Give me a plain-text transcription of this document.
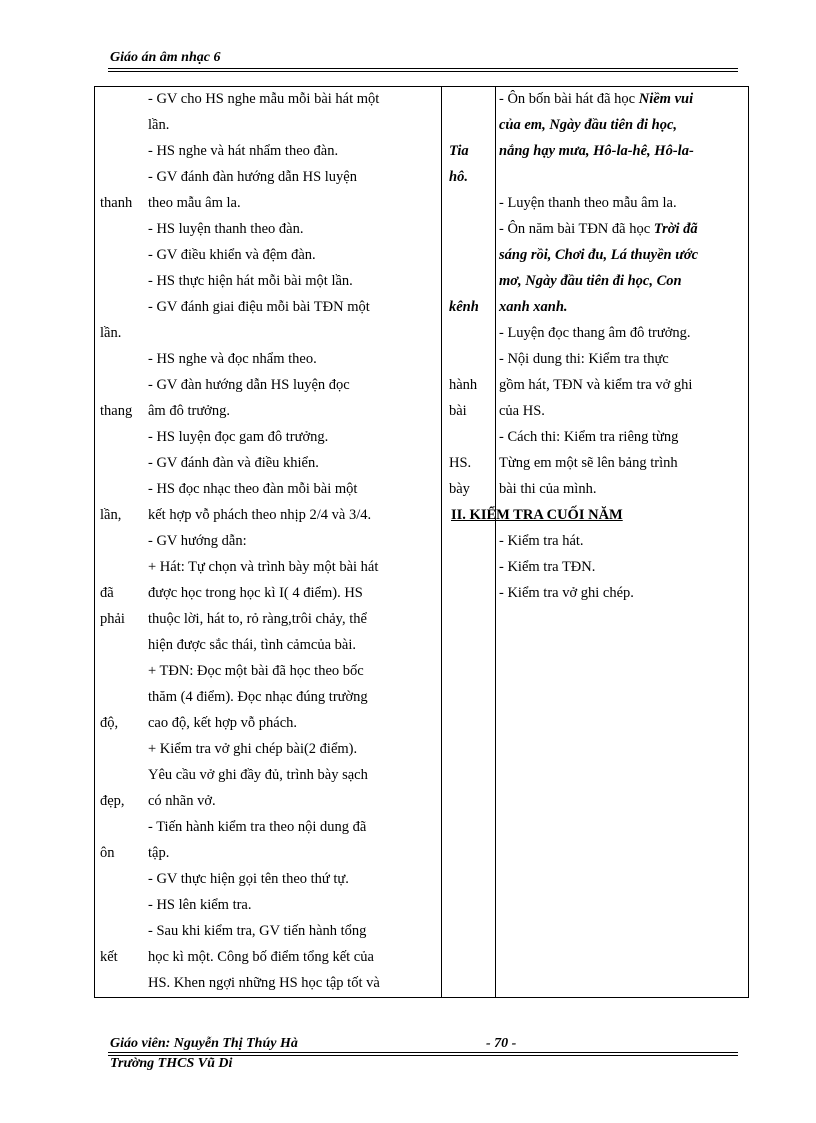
Giáo án âm nhạc 6
thanh
lần.
thang
lần,
đã
phải
độ,
đẹp,
ôn
kết
- GV cho HS nghe mẫu mỗi bài hát một
lần.
- HS nghe và hát nhẩm theo đàn.
- GV đánh đàn hướng dẫn HS luyện
theo mẫu âm la.
- HS luyện thanh theo đàn.
- GV điều khiển và đệm đàn.
- HS thực hiện hát mỗi bài một lần.
- GV đánh giai điệu mỗi bài TĐN một
- HS nghe và đọc nhẩm theo.
- GV đàn hướng dẫn HS luyện đọc
âm đô trưởng.
- HS luyện đọc gam đô trưởng.
- GV đánh đàn và điều khiển.
- HS đọc nhạc theo đàn mỗi bài một
kết hợp vỗ phách theo nhịp 2/4 và 3/4.
- GV hướng dẫn:
+ Hát: Tự chọn và trình bày một bài hát
được học trong học kì I( 4 điểm). HS
thuộc lời, hát to, rỏ ràng,trôi chảy, thể
hiện được sắc thái, tình cảmcủa bài.
+ TĐN: Đọc một bài đã học theo bốc
thăm (4 điểm). Đọc nhạc đúng trường
cao độ, kết hợp vỗ phách.
+ Kiểm tra vở ghi chép bài(2 điểm).
Yêu cầu vở ghi đầy đủ, trình bày sạch
có nhãn vở.
- Tiến hành kiểm tra theo nội dung đã
tập.
- GV thực hiện gọi tên theo thứ tự.
- HS lên kiểm tra.
- Sau khi kiểm tra, GV tiến hành tổng
học kì một. Công bố điểm tổng kết của
HS. Khen ngợi những HS học tập tốt và
Tia
hô.
kênh
hành
bài
HS.
bày
- Ôn bốn bài hát đã học Niềm vui
của em, Ngày đầu tiên đi học,
nắng hạy mưa, Hô-la-hê, Hô-la-
- Luyện thanh theo mẫu âm la.
- Ôn năm bài TĐN đã học Trời đã
sáng rồi, Chơi đu, Lá thuyền ước
mơ, Ngày đầu tiên đi học, Con
xanh xanh.
- Luyện đọc thang âm đô trưởng.
- Nội dung thi: Kiểm tra thực
gồm hát, TĐN và kiểm tra vở ghi
của HS.
- Cách thi: Kiểm tra riêng từng
Từng em một sẽ lên bảng trình
bài thi của mình.
II. KIỂM TRA CUỐI NĂM
- Kiểm tra hát.
- Kiểm tra TĐN.
- Kiểm tra vở ghi chép.
Giáo viên: Nguyễn Thị Thúy Hà	- 70 -
Trường THCS Vũ Di
